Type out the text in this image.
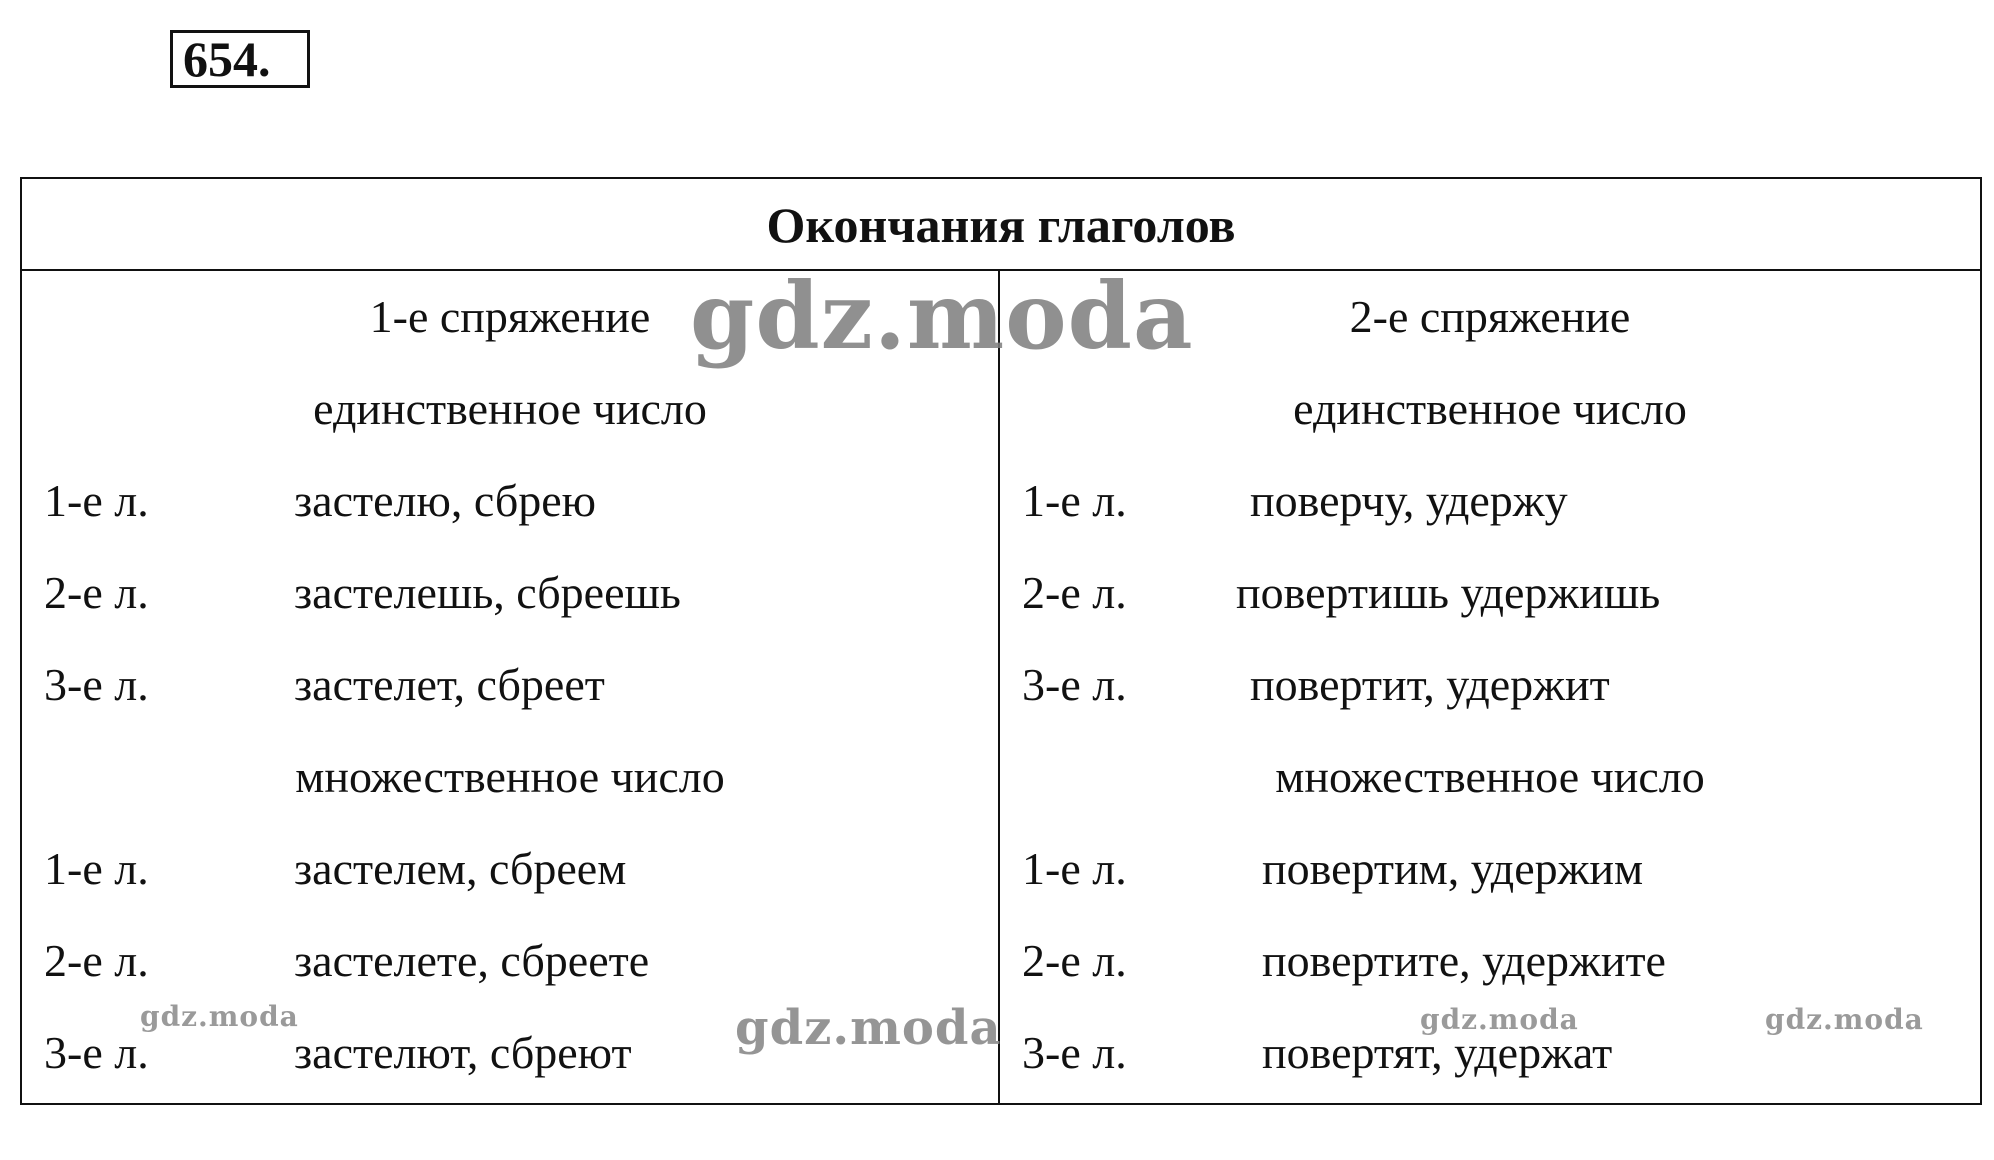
654.
Окончания глаголов
1-е спряжение
единственное число
1-е л.	застелю, сбрею
2-е л.	застелешь, сбреешь
3-е л.	застелет, сбреет
множественное число
1-е л.	застелем, сбреем
2-е л.	застелете, сбреете
3-е л.	застелют, сбреют
2-е спряжение
единственное число
1-е л.	поверчу, удержу
2-е л. повертишь удержишь
3-е л.	повертит, удержит
множественное число
1-е л.	повертим, удержим
2-е л.	повертите, удержите
3-е л.	повертят, удержат
gdz.moda
gdz.moda
gdz.moda	gdz.moda	gdz.moda
